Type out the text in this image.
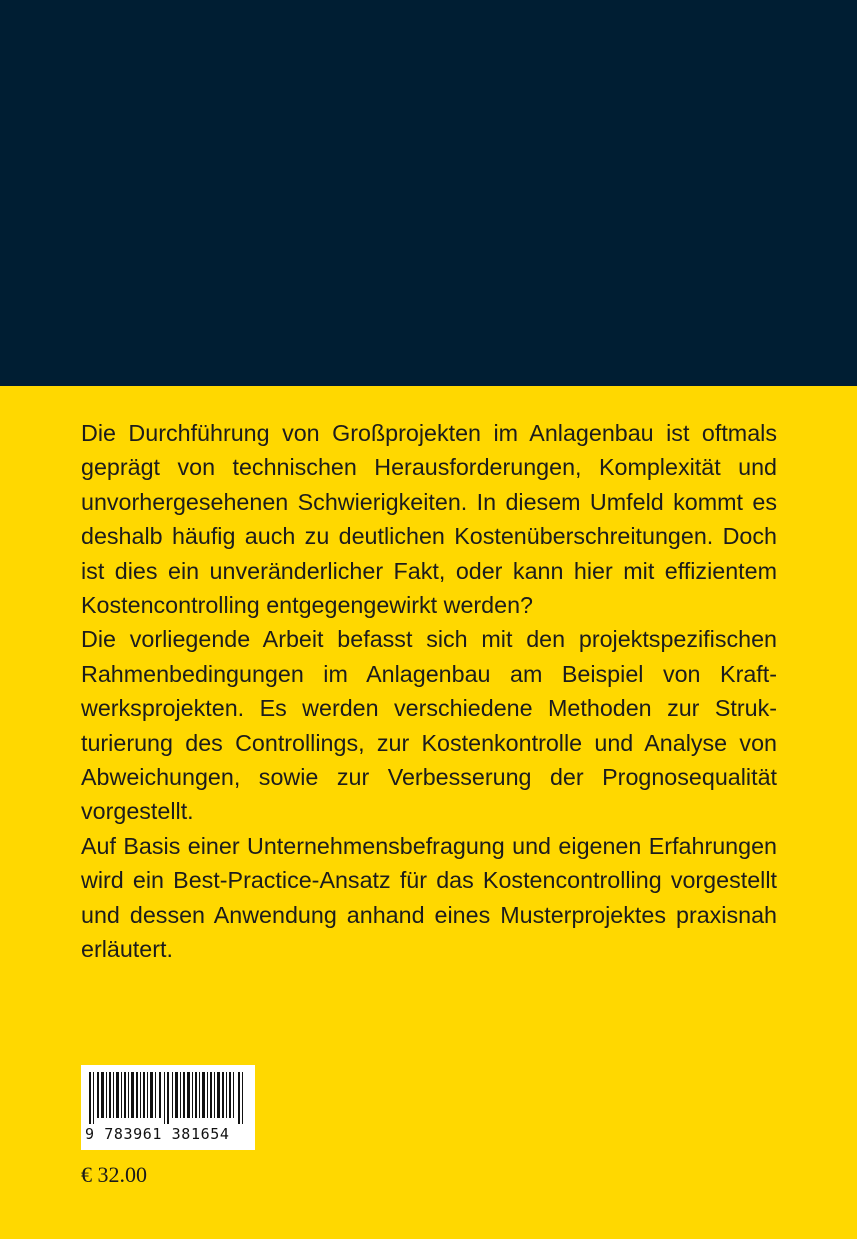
Die Durchführung von Großprojekten im Anlagenbau ist oftmals geprägt von technischen Herausforderungen, Komplexität und unvorhergesehenen Schwierigkeiten. In diesem Umfeld kommt es deshalb häufig auch zu deutlichen Kostenüberschreitungen. Doch ist dies ein unveränderlicher Fakt, oder kann hier mit effizientem Kostencontrolling entgegengewirkt werden?

Die vorliegende Arbeit befasst sich mit den projektspezifischen Rahmenbedingungen im Anlagenbau am Beispiel von Kraftwerksprojekten. Es werden verschiedene Methoden zur Strukturierung des Controllings, zur Kostenkontrolle und Analyse von Abweichungen, sowie zur Verbesserung der Prognosequalität vorgestellt.

Auf Basis einer Unternehmensbefragung und eigenen Erfahrungen wird ein Best-Practice-Ansatz für das Kostencontrolling vorgestellt und dessen Anwendung anhand eines Musterprojektes praxisnah erläutert.

9 783961 381654
€ 32.00
